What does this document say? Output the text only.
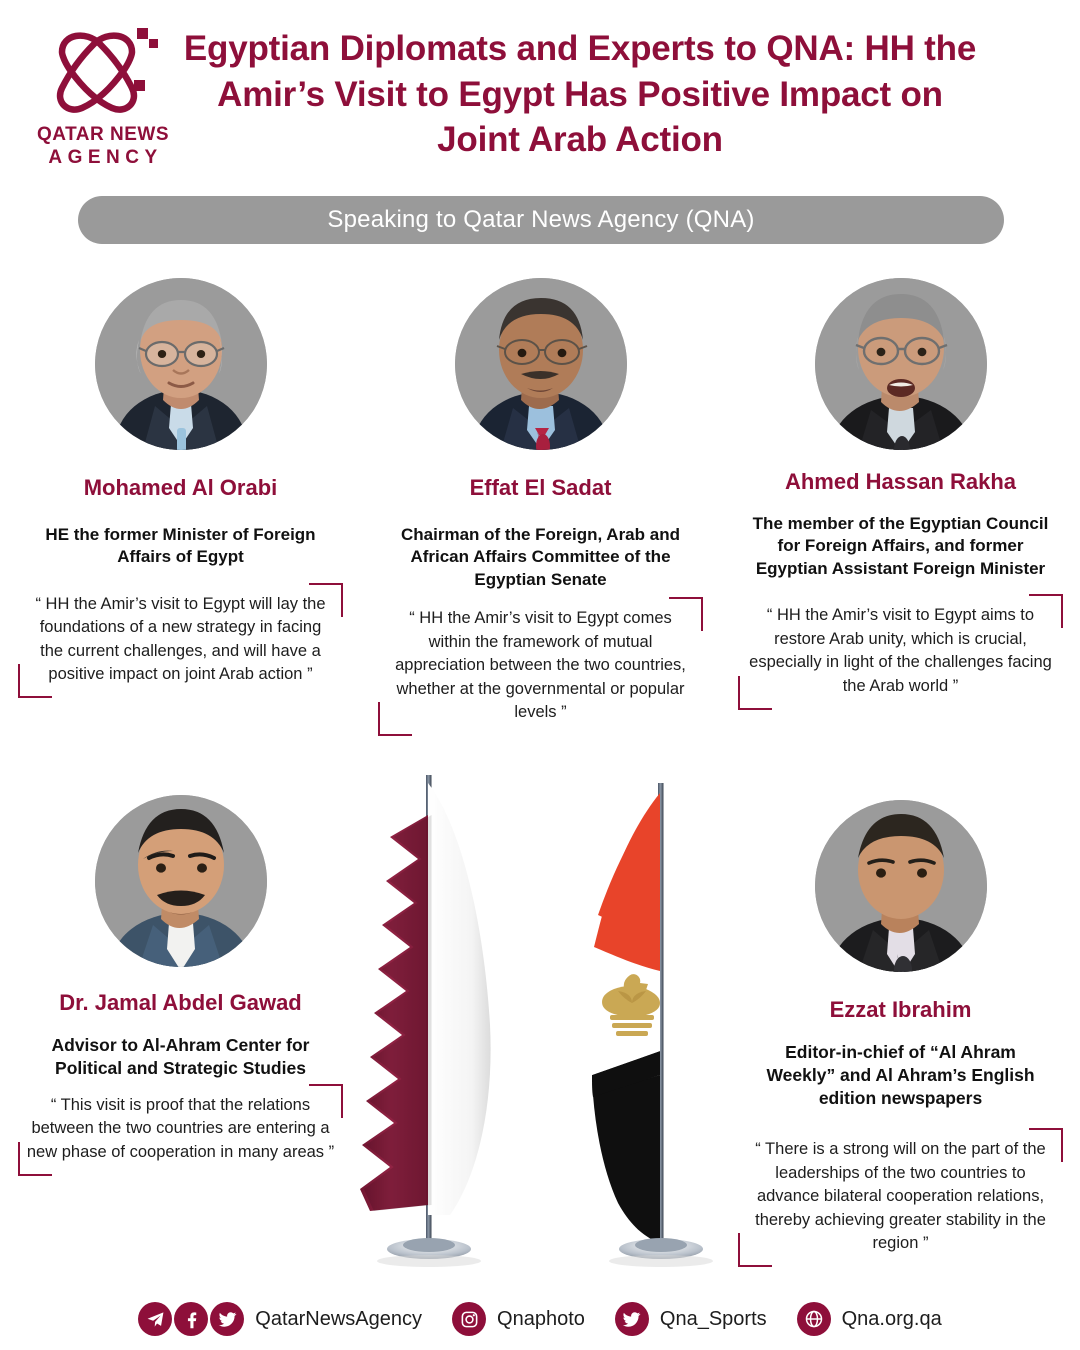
QATAR NEWS
AGENCY
Egyptian Diplomats and Experts to QNA: HH the Amir’s Visit to Egypt Has Positive Impact on Joint Arab Action
Speaking to Qatar News Agency (QNA)
Mohamed Al Orabi
HE the former Minister of Foreign Affairs of Egypt
“ HH the Amir’s visit to Egypt will lay the foundations of a new strategy in facing the current challenges, and will have a positive impact on joint Arab action ”
Effat El Sadat
Chairman of the Foreign, Arab and African Affairs Committee of the Egyptian Senate
“ HH the Amir’s visit to Egypt comes within the framework of mutual appreciation between the two countries, whether at the governmental or popular levels ”
Ahmed Hassan Rakha
The member of the Egyptian Council for Foreign Affairs, and former Egyptian Assistant Foreign Minister
“ HH the Amir’s visit to Egypt aims to restore Arab unity, which is crucial, especially in light of the challenges facing the Arab world ”
Dr. Jamal Abdel Gawad
Advisor to Al-Ahram Center for Political and Strategic Studies
“ This visit is proof that the relations between the two countries are entering a new phase of cooperation in many areas ”
Ezzat Ibrahim
Editor-in-chief of “Al Ahram Weekly” and Al Ahram’s English edition newspapers
“ There is a strong will on the part of the leaderships of the two countries to advance bilateral cooperation relations, thereby achieving greater stability in the region ”
QatarNewsAgency	Qnaphoto	Qna_Sports	Qna.org.qa
